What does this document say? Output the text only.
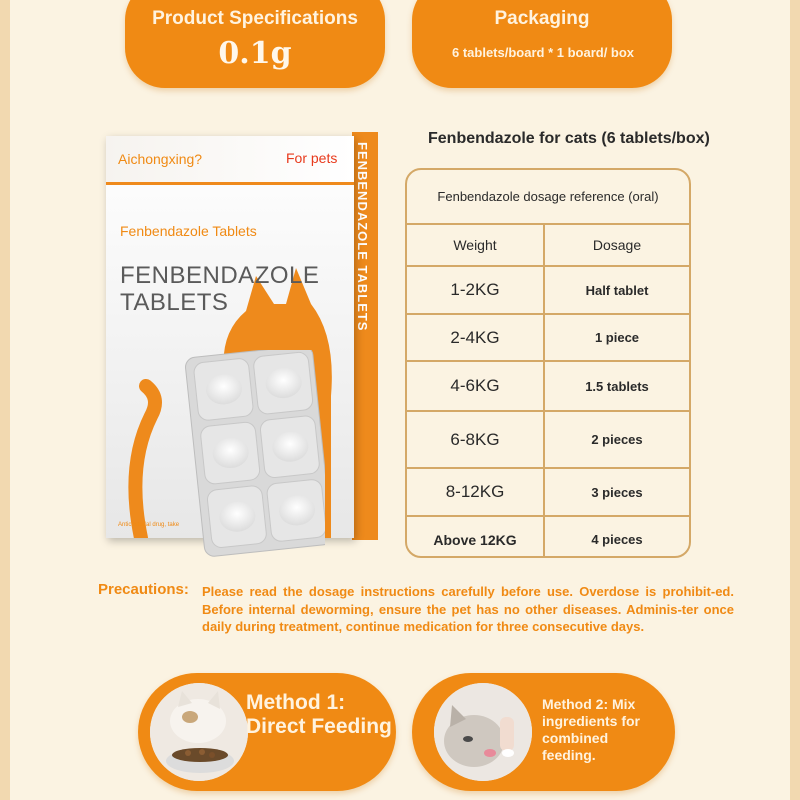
Product Specifications
0.1g
Packaging
6 tablets/board * 1 board/ box
FENBENDAZOLE TABLETS
Aichongxing?	For pets
Fenbendazole Tablets
FENBENDAZOLE
TABLETS
Anticestodal drug, take
Fenbendazole for cats (6 tablets/box)
Fenbendazole dosage reference (oral)
Weight	Dosage
1-2KG	Half tablet
2-4KG	1 piece
4-6KG	1.5 tablets
6-8KG	2 pieces
8-12KG	3 pieces
Above 12KG	4 pieces
Precautions: Please read the dosage instructions carefully before use. Overdose is prohibit-ed. Before internal deworming, ensure the pet has no other diseases. Adminis-ter once daily during treatment, continue medication for three consecutive days.
Method 1: Direct Feeding
Method 2: Mix ingredients for combined feeding.
